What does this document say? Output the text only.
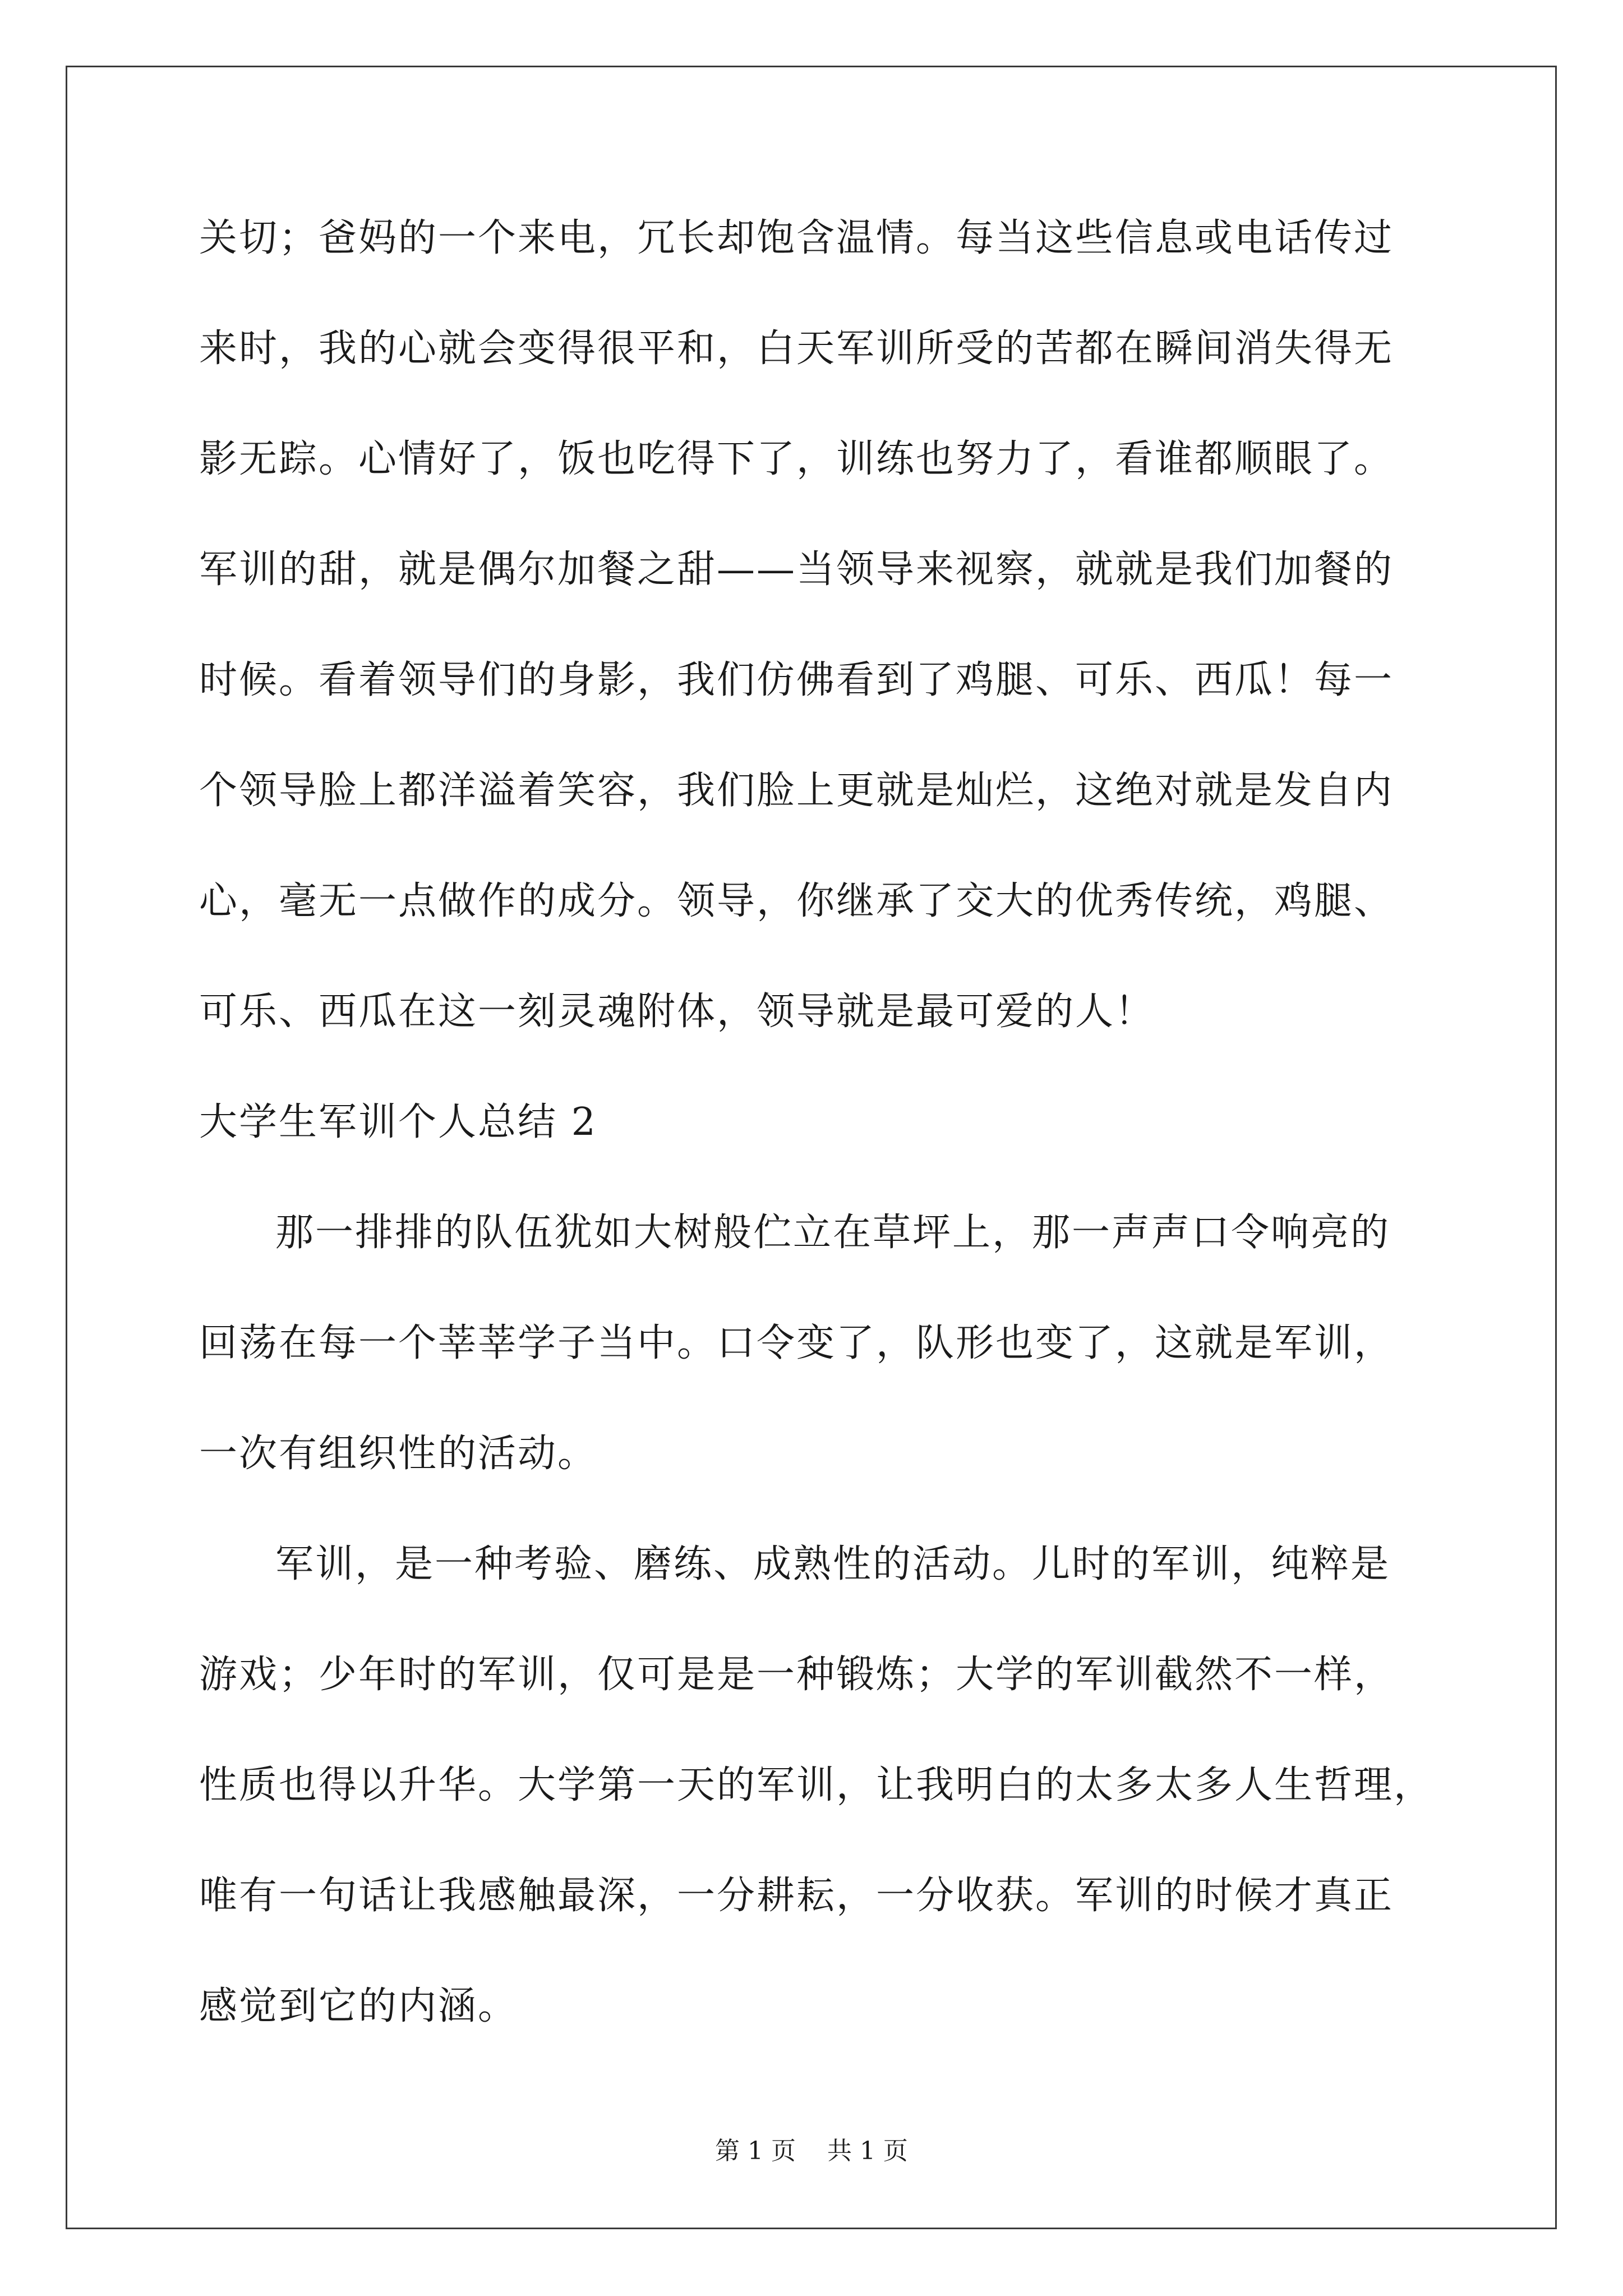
关切；爸妈的一个来电，冗长却饱含温情。每当这些信息或电话传过

来时，我的心就会变得很平和，白天军训所受的苦都在瞬间消失得无

影无踪。心情好了，饭也吃得下了，训练也努力了，看谁都顺眼了。

军训的甜，就是偶尔加餐之甜——当领导来视察，就就是我们加餐的

时候。看着领导们的身影，我们仿佛看到了鸡腿、可乐、西瓜！每一

个领导脸上都洋溢着笑容，我们脸上更就是灿烂，这绝对就是发自内

心，毫无一点做作的成分。领导，你继承了交大的优秀传统，鸡腿、

可乐、西瓜在这一刻灵魂附体，领导就是最可爱的人！

大学生军训个人总结 2

那一排排的队伍犹如大树般伫立在草坪上，那一声声口令响亮的

回荡在每一个莘莘学子当中。口令变了，队形也变了，这就是军训，

一次有组织性的活动。

军训，是一种考验、磨练、成熟性的活动。儿时的军训，纯粹是

游戏；少年时的军训，仅可是是一种锻炼；大学的军训截然不一样，

性质也得以升华。大学第一天的军训，让我明白的太多太多人生哲理，

唯有一句话让我感触最深，一分耕耘，一分收获。军训的时候才真正

感觉到它的内涵。

第 1 页    共 1 页
